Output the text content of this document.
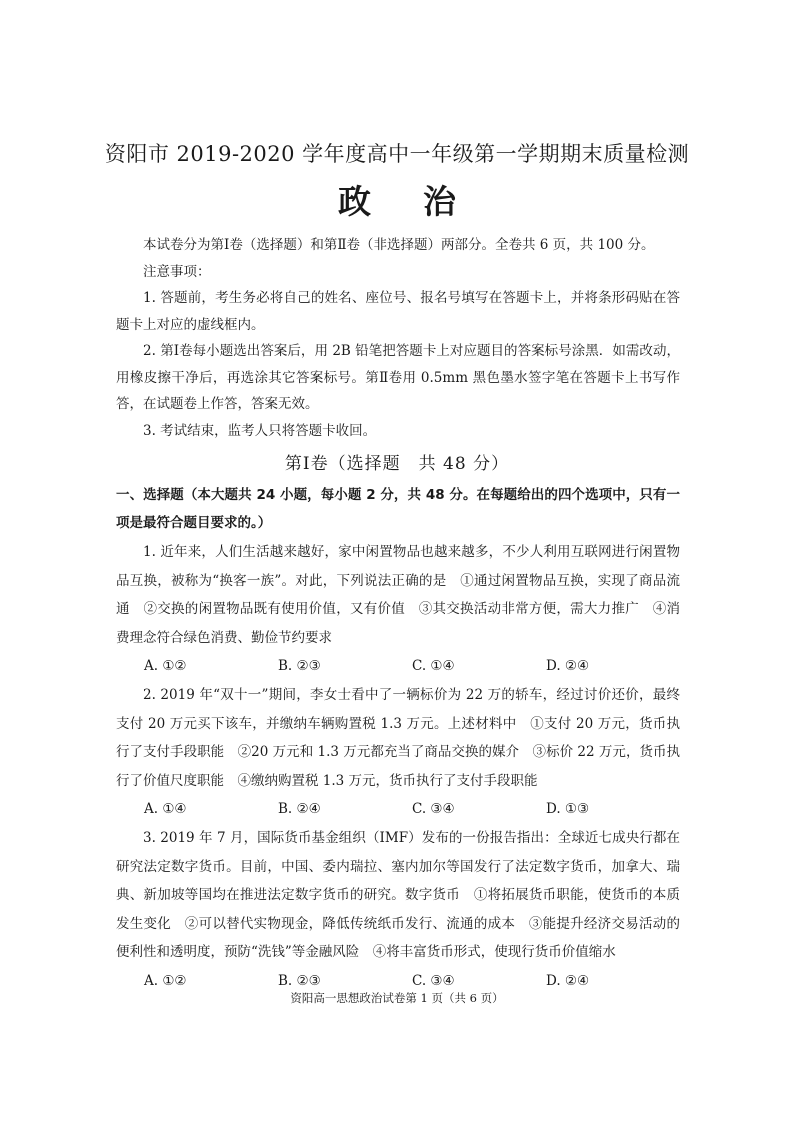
资阳市 2019-2020 学年度高中一年级第一学期期末质量检测
政治

本试卷分为第Ⅰ卷（选择题）和第Ⅱ卷（非选择题）两部分。全卷共 6 页，共 100 分。

注意事项：

1. 答题前，考生务必将自己的姓名、座位号、报名号填写在答题卡上，并将条形码贴在答题卡上对应的虚线框内。

2. 第Ⅰ卷每小题选出答案后，用 2B 铅笔把答题卡上对应题目的答案标号涂黑．如需改动，用橡皮擦干净后，再选涂其它答案标号。第Ⅱ卷用 0.5mm 黑色墨水签字笔在答题卡上书写作答，在试题卷上作答，答案无效。

3. 考试结束，监考人只将答题卡收回。

第Ⅰ卷（选择题　共 48 分）
一、选择题（本大题共 24 小题，每小题 2 分，共 48 分。在每题给出的四个选项中，只有一项是最符合题目要求的。）

1. 近年来，人们生活越来越好，家中闲置物品也越来越多，不少人利用互联网进行闲置物品互换，被称为“换客一族”。对此，下列说法正确的是　①通过闲置物品互换，实现了商品流通　②交换的闲置物品既有使用价值，又有价值　③其交换活动非常方便，需大力推广　④消费理念符合绿色消费、勤俭节约要求

A. ①②	B. ②③	C. ①④	D. ②④

2. 2019 年“双十一”期间，李女士看中了一辆标价为 22 万的轿车，经过讨价还价，最终支付 20 万元买下该车，并缴纳车辆购置税 1.3 万元。上述材料中　①支付 20 万元，货币执行了支付手段职能　②20 万元和 1.3 万元都充当了商品交换的媒介　③标价 22 万元，货币执行了价值尺度职能　④缴纳购置税 1.3 万元，货币执行了支付手段职能

A. ①④	B. ②④	C. ③④	D. ①③

3. 2019 年 7 月，国际货币基金组织（IMF）发布的一份报告指出：全球近七成央行都在研究法定数字货币。目前，中国、委内瑞拉、塞内加尔等国发行了法定数字货币，加拿大、瑞典、新加坡等国均在推进法定数字货币的研究。数字货币　①将拓展货币职能，使货币的本质发生变化　②可以替代实物现金，降低传统纸币发行、流通的成本　③能提升经济交易活动的便利性和透明度，预防“洗钱”等金融风险　④将丰富货币形式，使现行货币价值缩水

A. ①②	B. ②③	C. ③④	D. ②④
资阳高一思想政治试卷第 1 页（共 6 页）
